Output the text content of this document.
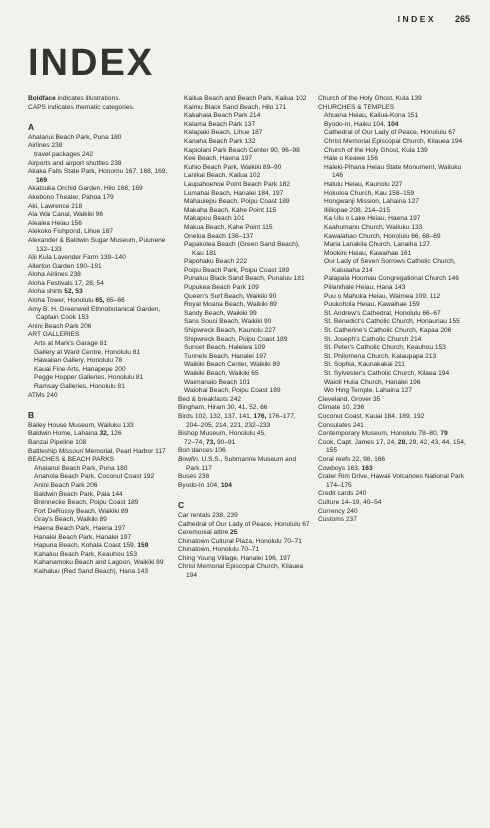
INDEX 265
INDEX
Boldface indicates illustrations.
CAPS indicates thematic categories.
A
Ahalanui Beach Park, Puna 180
Airlines 238
travel packages 242
Airports and airport shuttles 238
Akaka Falls State Park, Honomu 167, 168, 169, 169
Akatsuka Orchid Garden, Hilo 168, 169
Akebono Theater, Pahoa 179
Aki, Lawrence 218
Ala Wai Canal, Waikiki 96
Alealea Heiau 156
Alekoko Fishpond, Lihue 187
Alexander & Baldwin Sugar Museum, Puunene 132–133
Alii Kula Lavender Farm 139–140
Allerton Garden 190–191
Aloha Airlines 238
Aloha Festivals 17, 28, 54
Aloha shirts 52, 53
Aloha Tower, Honolulu 65, 65–66
Amy B. H. Greenwell Ethnobotanical Garden, Captain Cook 153
Anini Beach Park 206
ART GALLERIES
Arts at Mark's Garage 81
Gallery at Ward Centre, Honolulu 81
Hawaiian Gallery, Honolulu 78
Kauai Fine Arts, Hanapepe 200
Pegge Hopper Galleries, Honolulu 81
Ramsay Galleries, Honolulu 81
ATMs 240
B
Bailey House Museum, Wailuku 133
Baldwin Home, Lahaina 32, 126
Banzai Pipeline 108
Battleship Missouri Memorial, Pearl Harbor 117
BEACHES & BEACH PARKS
Ahalanui Beach Park, Puna 180
Anahola Beach Park, Coconut Coast 192
Anini Beach Park 206
Baldwin Beach Park, Pala 144
Brennecke Beach, Poipu Coast 189
Fort DeRussy Beach, Waikiki 89
Gray's Beach, Waikiki 89
Haena Beach Park, Haena 197
Hanalei Beach Park, Hanalei 197
Hapuna Beach, Kohala Coast 159, 159
Kahaluu Beach Park, Keauhou 153
Kahanamoku Beach and Lagoon, Waikiki 89
Kaihaluu (Red Sand Beach), Hana 143
Kailua Beach and Beach Park, Kailua 102
Kaimu Black Sand Beach, Hilo 171
Kakahaia Beach Park 214
Kalama Beach Park 137
Kalapaki Beach, Lihue 187
Kanaha Beach Park 132
Kapiolani Park Beach Center 90, 96–98
Kee Beach, Haena 197
Kuhio Beach Park, Waikiki 89–90
Lanikai Beach, Kailua 102
Laupahoehoe Point Beach Park 182
Lumahai Beach, Hanalei 184, 197
Mahaulepu Beach, Poipu Coast 189
Makaha Beach, Kahe Point 115
Makapuu Beach 101
Makua Beach, Kahe Point 115
Oneloa Beach 136–137
Papakolea Beach (Green Sand Beach), Kau 181
Papohaku Beach 222
Poipu Beach Park, Poipu Coast 189
Punaluu Black Sand Beach, Punaluu 181
Pupukea Beach Park 109
Queen's Surf Beach, Waikiki 90
Royal Moana Beach, Waikiki 89
Sandy Beach, Waikiki 99
Sans Souci Beach, Waikiki 90
Shipwreck Beach, Kaunolu 227
Shipwreck Beach, Poipu Coast 189
Sunset Beach, Haleiwa 109
Tunnels Beach, Hanalei 197
Waikiki Beach Center, Waikiki 89
Waikiki Beach, Waikiki 65
Waimanalo Beach 101
Waiohai Beach, Poipu Coast 189
Bed & breakfasts 242
Bingham, Hiram 30, 41, 52, 66
Birds 102, 132, 137, 141, 176, 176–177, 204–205, 214, 221, 232–233
Bishop Museum, Honolulu 45,
72–74, 73, 90–91
Bon dances 106
Bowfin, U.S.S., Submarine Museum and Park 117
Buses 238
Byodo-In 104, 104
C
Car rentals 238, 239
Cathedral of Our Lady of Peace, Honolulu 67
Ceremonial attire 25
Chinatown Cultural Plaza, Honolulu 70–71
Chinatown, Honolulu 70–71
Ching Young Village, Hanalei 196, 197
Christ Memorial Episcopal Church, Kilauea 194
Church of the Holy Ghost, Kula 139
CHURCHES & TEMPLES
Ahuena Heiau, Kailua-Kona 151
Byodo-In, Haiku 104, 104
Cathedral of Our Lady of Peace, Honolulu 67
Christ Memorial Episcopal Church, Kilauea 194
Church of the Holy Ghost, Kula 139
Hale o Keawe 156
Haleki-Pihana Heiau State Monument, Wailuku 146
Halulu Heiau, Kaunolu 227
Hokuloa Church, Kau 158–159
Hongwanji Mission, Lahaina 127
Iliiliopae 208, 214–215
Ka Ulu o Lake Heiau, Haena 197
Kaahumanu Church, Wailuku 133
Kawaiahao Church, Honolulu 66, 68–69
Maria Lanakila Church, Lanaiha 127
Mookini Heiau, Kawaihae 161
Our Lady of Seven Sorrows Catholic Church, Kaluaaha 214
Palapala Hoomau Congregational Church 146
Piilanihale Heiau, Hana 143
Puu o Mahuka Heiau, Waimea 109, 112
Puukohola Heiau, Kawaihae 159
St. Andrew's Cathedral, Honolulu 66–67
St. Benedict's Catholic Church, Honaunau 155
St. Catherine's Catholic Church, Kapaa 206
St. Joseph's Catholic Church 214
St. Peter's Catholic Church, Keauhou 153
St. Philomena Church, Kalaupapa 213
St. Sophia, Kaunakakai 211
St. Sylvester's Catholic Church, Kilaea 194
Waioli Huiia Church, Hanalei 196
Wo Hing Temple, Lahaina 127
Cleveland, Grover 35
Climate 10, 236
Coconut Coast, Kauai 184, 189, 192
Consulates 241
Contemporary Museum, Honolulu 78–80, 79
Cook, Capt. James 17, 24, 28, 29, 42, 43, 44, 154, 155
Coral reefs 22, 98, 166
Cowboys 163, 163
Crater Rim Drive, Hawaii Volcanoes National Park 174–175
Credit cards 240
Culture 14–19, 40–54
Currency 240
Customs 237
